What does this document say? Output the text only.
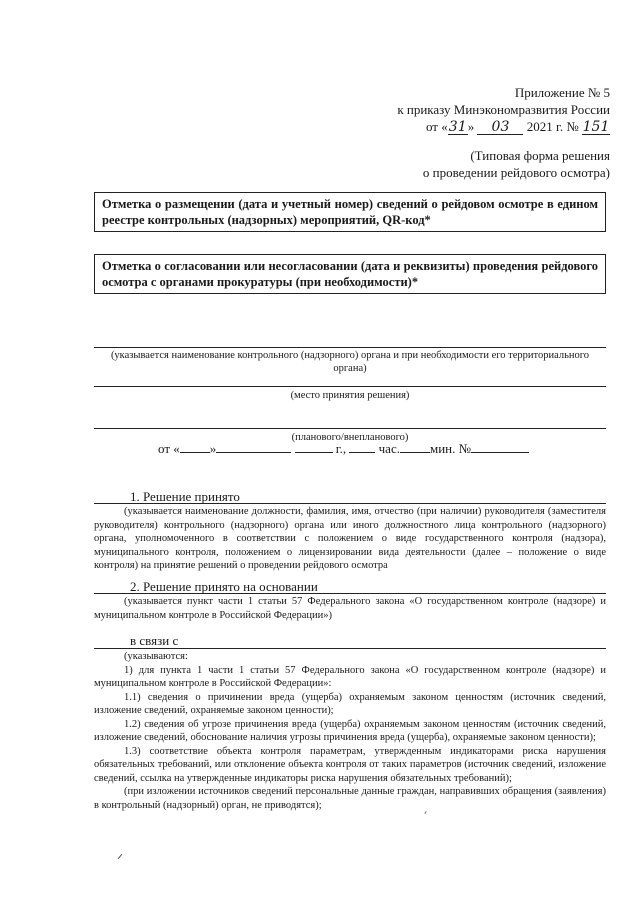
Приложение № 5
к приказу Минэкономразвития России
от «31» 03 2021 г. № 151
(Типовая форма решения
о проведении рейдового осмотра)
Отметка о размещении (дата и учетный номер) сведений о рейдовом осмотре в едином реестре контрольных (надзорных) мероприятий, QR-код*
Отметка о согласовании или несогласовании (дата и реквизиты) проведения рейдового осмотра с органами прокуратуры (при необходимости)*
(указывается наименование контрольного (надзорного) органа и при необходимости его территориального органа)
(место принятия решения)
(планового/внепланового)
от « »	г.,	час. мин. №
1. Решение принято
(указывается наименование должности, фамилия, имя, отчество (при наличии) руководителя (заместителя руководителя) контрольного (надзорного) органа или иного должностного лица контрольного (надзорного) органа, уполномоченного в соответствии с положением о виде государственного контроля (надзора), муниципального контроля, положением о лицензировании вида деятельности (далее – положение о виде контроля) на принятие решений о проведении рейдового осмотра
2. Решение принято на основании
(указывается пункт части 1 статьи 57 Федерального закона «О государственном контроле (надзоре) и муниципальном контроле в Российской Федерации»)
в связи с

(указываются:

1) для пункта 1 части 1 статьи 57 Федерального закона «О государственном контроле (надзоре) и муниципальном контроле в Российской Федерации»:

1.1) сведения о причинении вреда (ущерба) охраняемым законом ценностям (источник сведений, изложение сведений, охраняемые законом ценности);

1.2) сведения об угрозе причинения вреда (ущерба) охраняемым законом ценностям (источник сведений, изложение сведений, обоснование наличия угрозы причинения вреда (ущерба), охраняемые законом ценности);

1.3) соответствие объекта контроля параметрам, утвержденным индикаторами риска нарушения обязательных требований, или отклонение объекта контроля от таких параметров (источник сведений, изложение сведений, ссылка на утвержденные индикаторы риска нарушения обязательных требований);

(при изложении источников сведений персональные данные граждан, направивших обращения (заявления) в контрольный (надзорный) орган, не приводятся);
